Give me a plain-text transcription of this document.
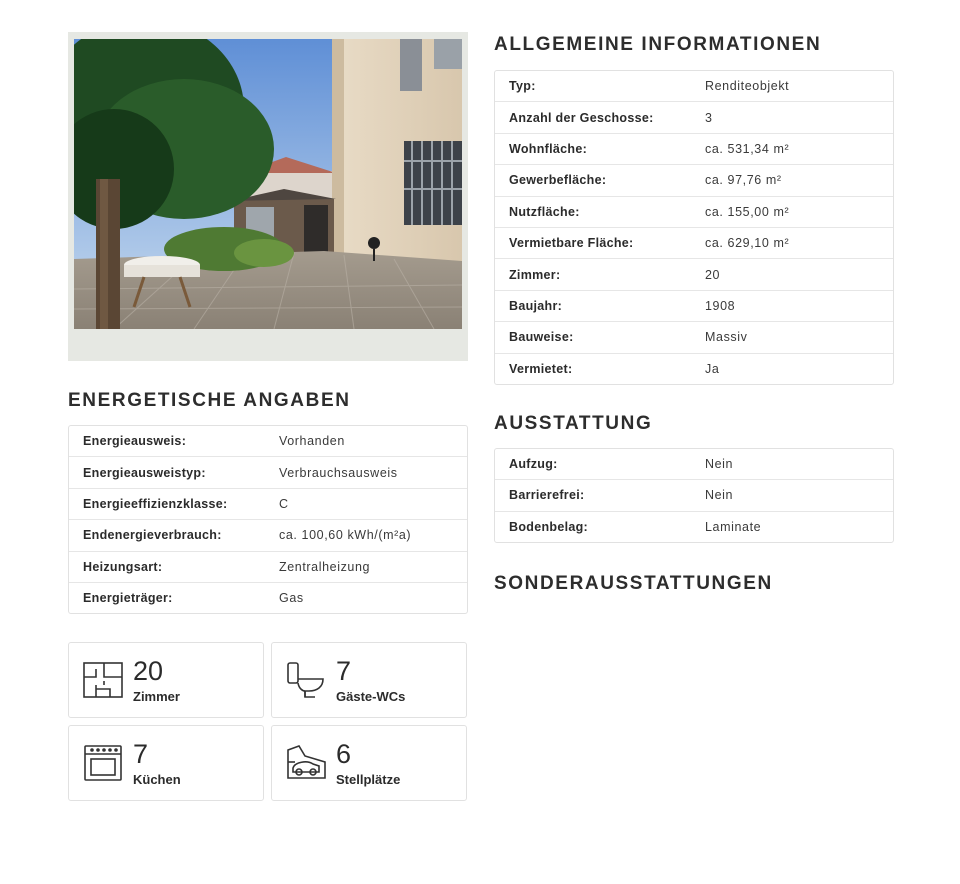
ENERGETISCHE ANGABEN
Energieausweis:	Vorhanden
Energieausweistyp:	Verbrauchsausweis
Energieeffizienzklasse:	C
Endenergieverbrauch:	ca. 100,60 kWh/(m²a)
Heizungsart:	Zentralheizung
Energieträger:	Gas
20
Zimmer
7
Gäste-WCs
7
Küchen
6
Stellplätze
ALLGEMEINE INFORMATIONEN
Typ:	Renditeobjekt
Anzahl der Geschosse:	3
Wohnfläche:	ca. 531,34 m²
Gewerbefläche:	ca. 97,76 m²
Nutzfläche:	ca. 155,00 m²
Vermietbare Fläche:	ca. 629,10 m²
Zimmer:	20
Baujahr:	1908
Bauweise:	Massiv
Vermietet:	Ja
AUSSTATTUNG
Aufzug:	Nein
Barrierefrei:	Nein
Bodenbelag:	Laminate
SONDERAUSSTATTUNGEN
